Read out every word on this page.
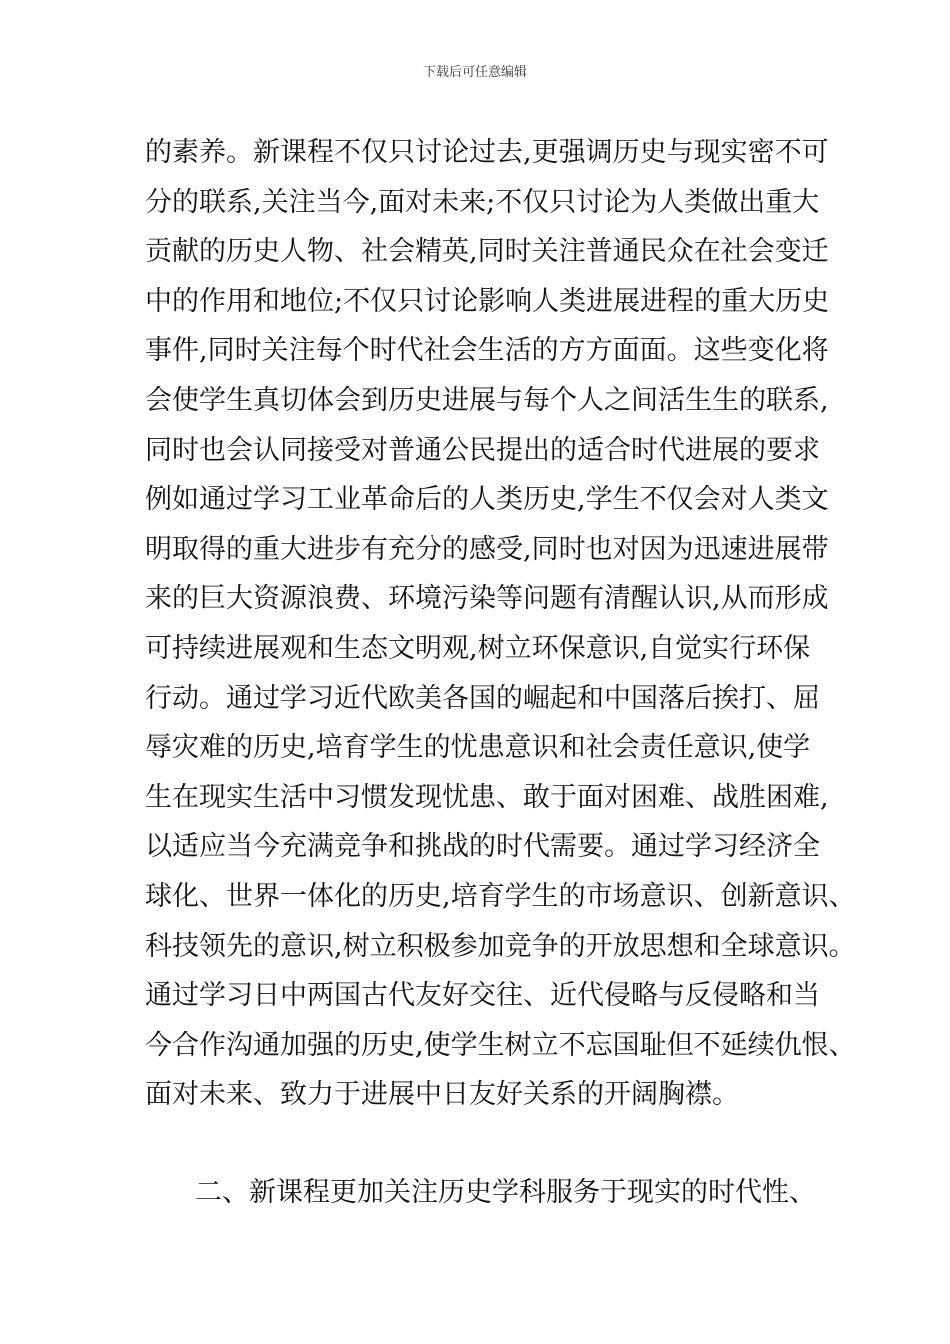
下载后可任意编辑
的素养。新课程不仅只讨论过去,更强调历史与现实密不可
分的联系,关注当今,面对未来;不仅只讨论为人类做出重大
贡献的历史人物、社会精英,同时关注普通民众在社会变迁
中的作用和地位;不仅只讨论影响人类进展进程的重大历史
事件,同时关注每个时代社会生活的方方面面。这些变化将
会使学生真切体会到历史进展与每个人之间活生生的联系,
同时也会认同接受对普通公民提出的适合时代进展的要求
例如通过学习工业革命后的人类历史,学生不仅会对人类文
明取得的重大进步有充分的感受,同时也对因为迅速进展带
来的巨大资源浪费、环境污染等问题有清醒认识,从而形成
可持续进展观和生态文明观,树立环保意识,自觉实行环保
行动。通过学习近代欧美各国的崛起和中国落后挨打、屈
辱灾难的历史,培育学生的忧患意识和社会责任意识,使学
生在现实生活中习惯发现忧患、敢于面对困难、战胜困难,
以适应当今充满竞争和挑战的时代需要。通过学习经济全
球化、世界一体化的历史,培育学生的市场意识、创新意识、
科技领先的意识,树立积极参加竞争的开放思想和全球意识。
通过学习日中两国古代友好交往、近代侵略与反侵略和当
今合作沟通加强的历史,使学生树立不忘国耻但不延续仇恨、
面对未来、致力于进展中日友好关系的开阔胸襟。
二、新课程更加关注历史学科服务于现实的时代性、
